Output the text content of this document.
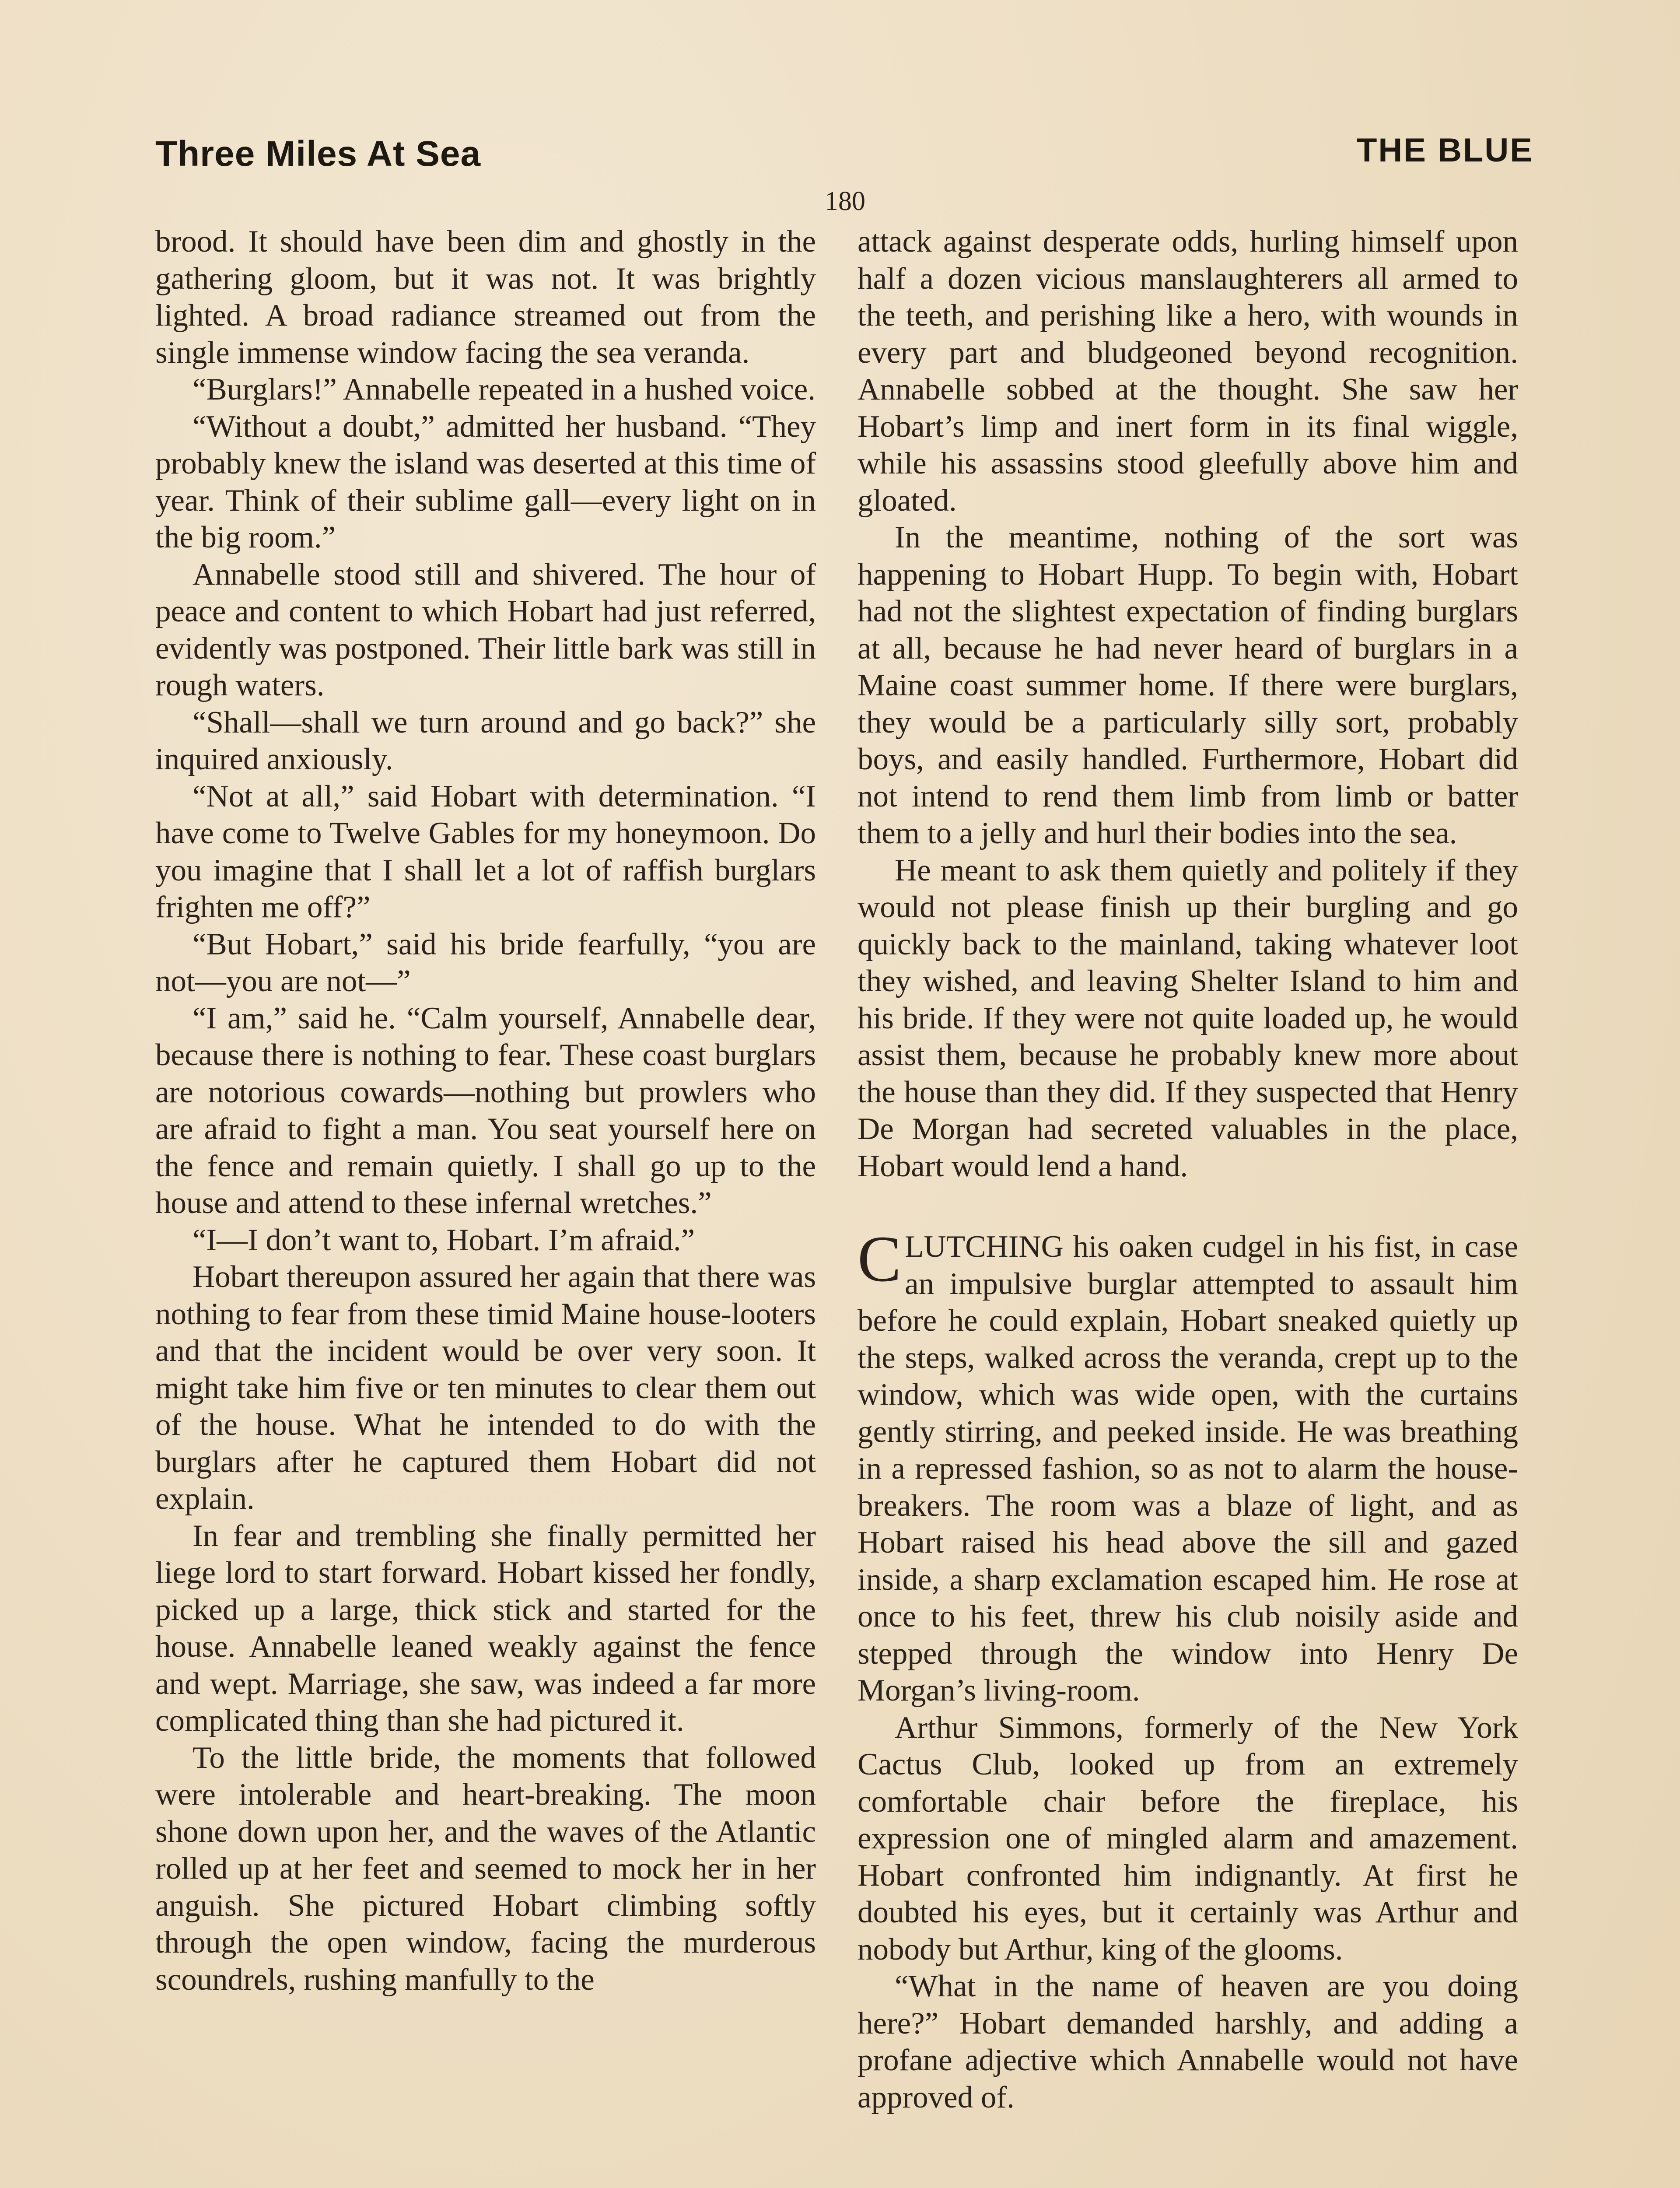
Three Miles At Sea	THE BLUE
180

brood. It should have been dim and ghostly in the gathering gloom, but it was not. It was brightly lighted. A broad radiance streamed out from the single immense window facing the sea veranda.

“Burglars!” Annabelle repeated in a hushed voice.

“Without a doubt,” admitted her husband. “They probably knew the island was deserted at this time of year. Think of their sublime gall—every light on in the big room.”

Annabelle stood still and shivered. The hour of peace and content to which Hobart had just referred, evidently was postponed. Their little bark was still in rough waters.

“Shall—shall we turn around and go back?” she inquired anxiously.

“Not at all,” said Hobart with determination. “I have come to Twelve Gables for my honeymoon. Do you imagine that I shall let a lot of raffish burglars frighten me off?”

“But Hobart,” said his bride fearfully, “you are not—you are not—”

“I am,” said he. “Calm yourself, Annabelle dear, because there is nothing to fear. These coast burglars are notorious cowards—nothing but prowlers who are afraid to fight a man. You seat yourself here on the fence and remain quietly. I shall go up to the house and attend to these infernal wretches.”

“I—I don’t want to, Hobart. I’m afraid.”

Hobart thereupon assured her again that there was nothing to fear from these timid Maine house-looters and that the incident would be over very soon. It might take him five or ten minutes to clear them out of the house. What he intended to do with the burglars after he captured them Hobart did not explain.

In fear and trembling she finally permitted her liege lord to start forward. Hobart kissed her fondly, picked up a large, thick stick and started for the house. Annabelle leaned weakly against the fence and wept. Marriage, she saw, was indeed a far more complicated thing than she had pictured it.

To the little bride, the moments that followed were intolerable and heart-breaking. The moon shone down upon her, and the waves of the Atlantic rolled up at her feet and seemed to mock her in her anguish. She pictured Hobart climbing softly through the open window, facing the murderous scoundrels, rushing manfully to the

attack against desperate odds, hurling himself upon half a dozen vicious manslaughterers all armed to the teeth, and perishing like a hero, with wounds in every part and bludgeoned beyond recognition. Annabelle sobbed at the thought. She saw her Hobart’s limp and inert form in its final wiggle, while his assassins stood gleefully above him and gloated.

In the meantime, nothing of the sort was happening to Hobart Hupp. To begin with, Hobart had not the slightest expectation of finding burglars at all, because he had never heard of burglars in a Maine coast summer home. If there were burglars, they would be a particularly silly sort, probably boys, and easily handled. Furthermore, Hobart did not intend to rend them limb from limb or batter them to a jelly and hurl their bodies into the sea.

He meant to ask them quietly and politely if they would not please finish up their burgling and go quickly back to the mainland, taking whatever loot they wished, and leaving Shelter Island to him and his bride. If they were not quite loaded up, he would assist them, because he probably knew more about the house than they did. If they suspected that Henry De Morgan had secreted valuables in the place, Hobart would lend a hand.

CLUTCHING his oaken cudgel in his fist, in case an impulsive burglar attempted to assault him before he could explain, Hobart sneaked quietly up the steps, walked across the veranda, crept up to the window, which was wide open, with the curtains gently stirring, and peeked inside. He was breathing in a repressed fashion, so as not to alarm the house-breakers. The room was a blaze of light, and as Hobart raised his head above the sill and gazed inside, a sharp exclamation escaped him. He rose at once to his feet, threw his club noisily aside and stepped through the window into Henry De Morgan’s living-room.

Arthur Simmons, formerly of the New York Cactus Club, looked up from an extremely comfortable chair before the fireplace, his expression one of mingled alarm and amazement. Hobart confronted him indignantly. At first he doubted his eyes, but it certainly was Arthur and nobody but Arthur, king of the glooms.

“What in the name of heaven are you doing here?” Hobart demanded harshly, and adding a profane adjective which Annabelle would not have approved of.
